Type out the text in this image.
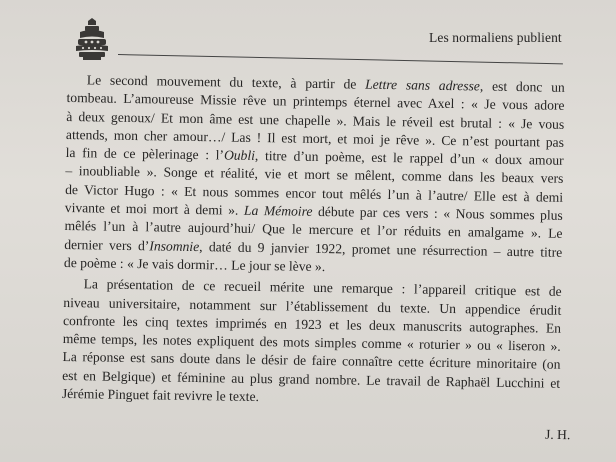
Les normaliens publient
Le second mouvement du texte, à partir de Lettre sans adresse, est donc un
tombeau. L’amoureuse Missie rêve un printemps éternel avec Axel : « Je vous adore
à deux genoux/ Et mon âme est une chapelle ». Mais le réveil est brutal : « Je vous
attends, mon cher amour…/ Las ! Il est mort, et moi je rêve ». Ce n’est pourtant pas
la fin de ce pèlerinage : l’Oubli, titre d’un poème, est le rappel d’un « doux amour
– inoubliable ». Songe et réalité, vie et mort se mêlent, comme dans les beaux vers
de Victor Hugo : « Et nous sommes encor tout mêlés l’un à l’autre/ Elle est à demi
vivante et moi mort à demi ». La Mémoire débute par ces vers : « Nous sommes plus
mêlés l’un à l’autre aujourd’hui/ Que le mercure et l’or réduits en amalgame ». Le
dernier vers d’Insomnie, daté du 9 janvier 1922, promet une résurrection – autre titre
de poème : « Je vais dormir… Le jour se lève ».
La présentation de ce recueil mérite une remarque : l’appareil critique est de
niveau universitaire, notamment sur l’établissement du texte. Un appendice érudit
confronte les cinq textes imprimés en 1923 et les deux manuscrits autographes. En
même temps, les notes expliquent des mots simples comme « roturier » ou « liseron ».
La réponse est sans doute dans le désir de faire connaître cette écriture minoritaire (on
est en Belgique) et féminine au plus grand nombre. Le travail de Raphaël Lucchini et
Jérémie Pinguet fait revivre le texte.
J. H.
